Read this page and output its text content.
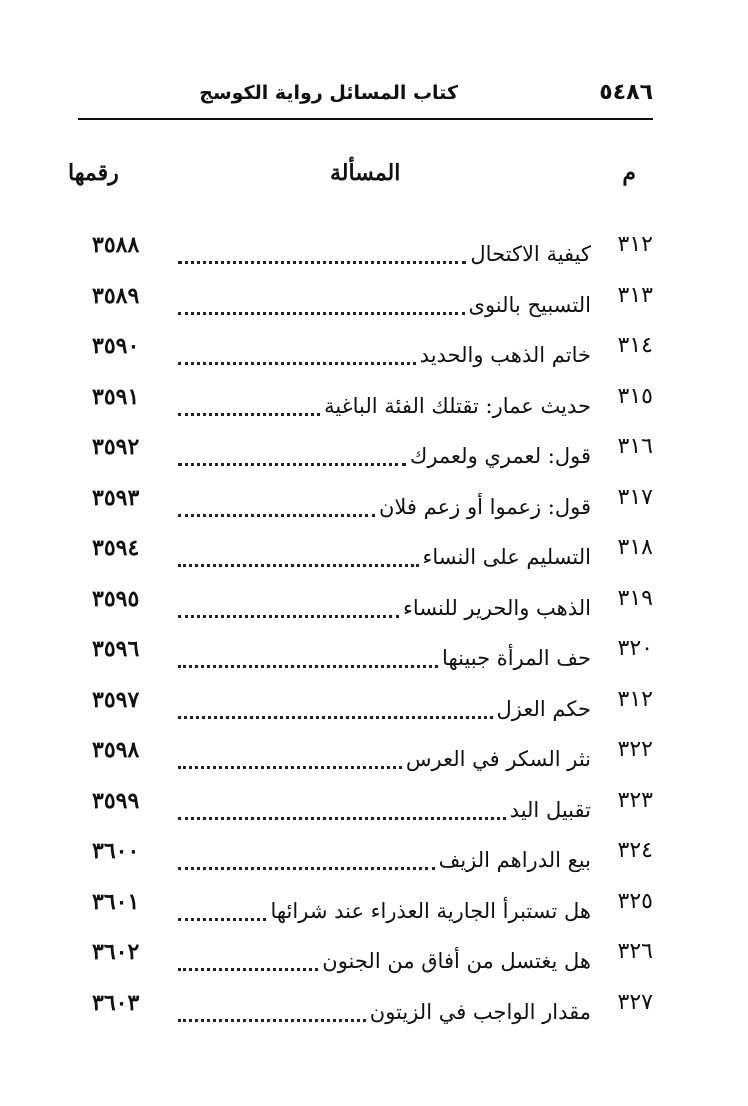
٥٤٨٦
كتاب المسائل رواية الكوسج
م
المسألة
رقمها
٣١٢
كيفية الاكتحال
٣٥٨٨
٣١٣
التسبيح بالنوى
٣٥٨٩
٣١٤
خاتم الذهب والحديد
٣٥٩٠
٣١٥
حديث عمار: تقتلك الفئة الباغية
٣٥٩١
٣١٦
قول: لعمري ولعمرك
٣٥٩٢
٣١٧
قول: زعموا أو زعم فلان
٣٥٩٣
٣١٨
التسليم على النساء
٣٥٩٤
٣١٩
الذهب والحرير للنساء
٣٥٩٥
٣٢٠
حف المرأة جبينها
٣٥٩٦
٣١٢
حكم العزل
٣٥٩٧
٣٢٢
نثر السكر في العرس
٣٥٩٨
٣٢٣
تقبيل اليد
٣٥٩٩
٣٢٤
بيع الدراهم الزيف
٣٦٠٠
٣٢٥
هل تستبرأ الجارية العذراء عند شرائها
٣٦٠١
٣٢٦
هل يغتسل من أفاق من الجنون
٣٦٠٢
٣٢٧
مقدار الواجب في الزيتون
٣٦٠٣
